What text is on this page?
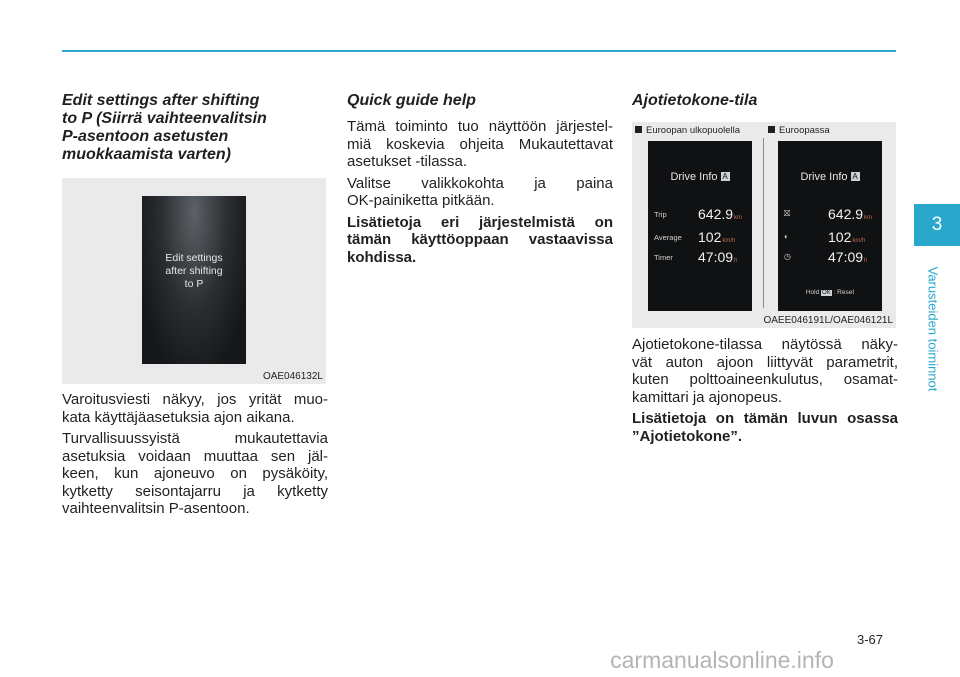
Edit settings after shifting
to P (Siirrä vaihteenvalitsin
P-asentoon asetusten
muokkaamista varten)
Edit settings
after shifting
to P
OAE046132L

Varoitusviesti näkyy, jos yrität muo-
kata käyttäjäasetuksia ajon aikana.

Turvallisuussyistä mukautettavia
asetuksia voidaan muuttaa sen jäl-
keen, kun ajoneuvo on pysäköity,
kytketty seisontajarru ja kytketty
vaihteenvalitsin P-asentoon.

Quick guide help

Tämä toiminto tuo näyttöön järjestel-
miä koskevia ohjeita Mukautettavat
asetukset -tilassa.

Valitse valikkokohta ja paina
OK-painiketta pitkään.

Lisätietoja eri järjestelmistä on
tämän käyttöoppaan vastaavissa
kohdissa.

Ajotietokone-tila
Euroopan ulkopuolella	Euroopassa
Drive Info A
Trip 642.9km
Average 102km/h
Timer 47:09h
Drive Info A
⛝	642.9km
◐	102km/h
◷	47:09h
Hold OK : Reset
OAEE046191L/OAE046121L

Ajotietokone-tilassa näytössä näky-
vät auton ajoon liittyvät parametrit,
kuten polttoaineenkulutus, osamat-
kamittari ja ajonopeus.

Lisätietoja on tämän luvun osassa
”Ajotietokone”.

3
Varusteiden toiminnot
3-67
carmanualsonline.info
